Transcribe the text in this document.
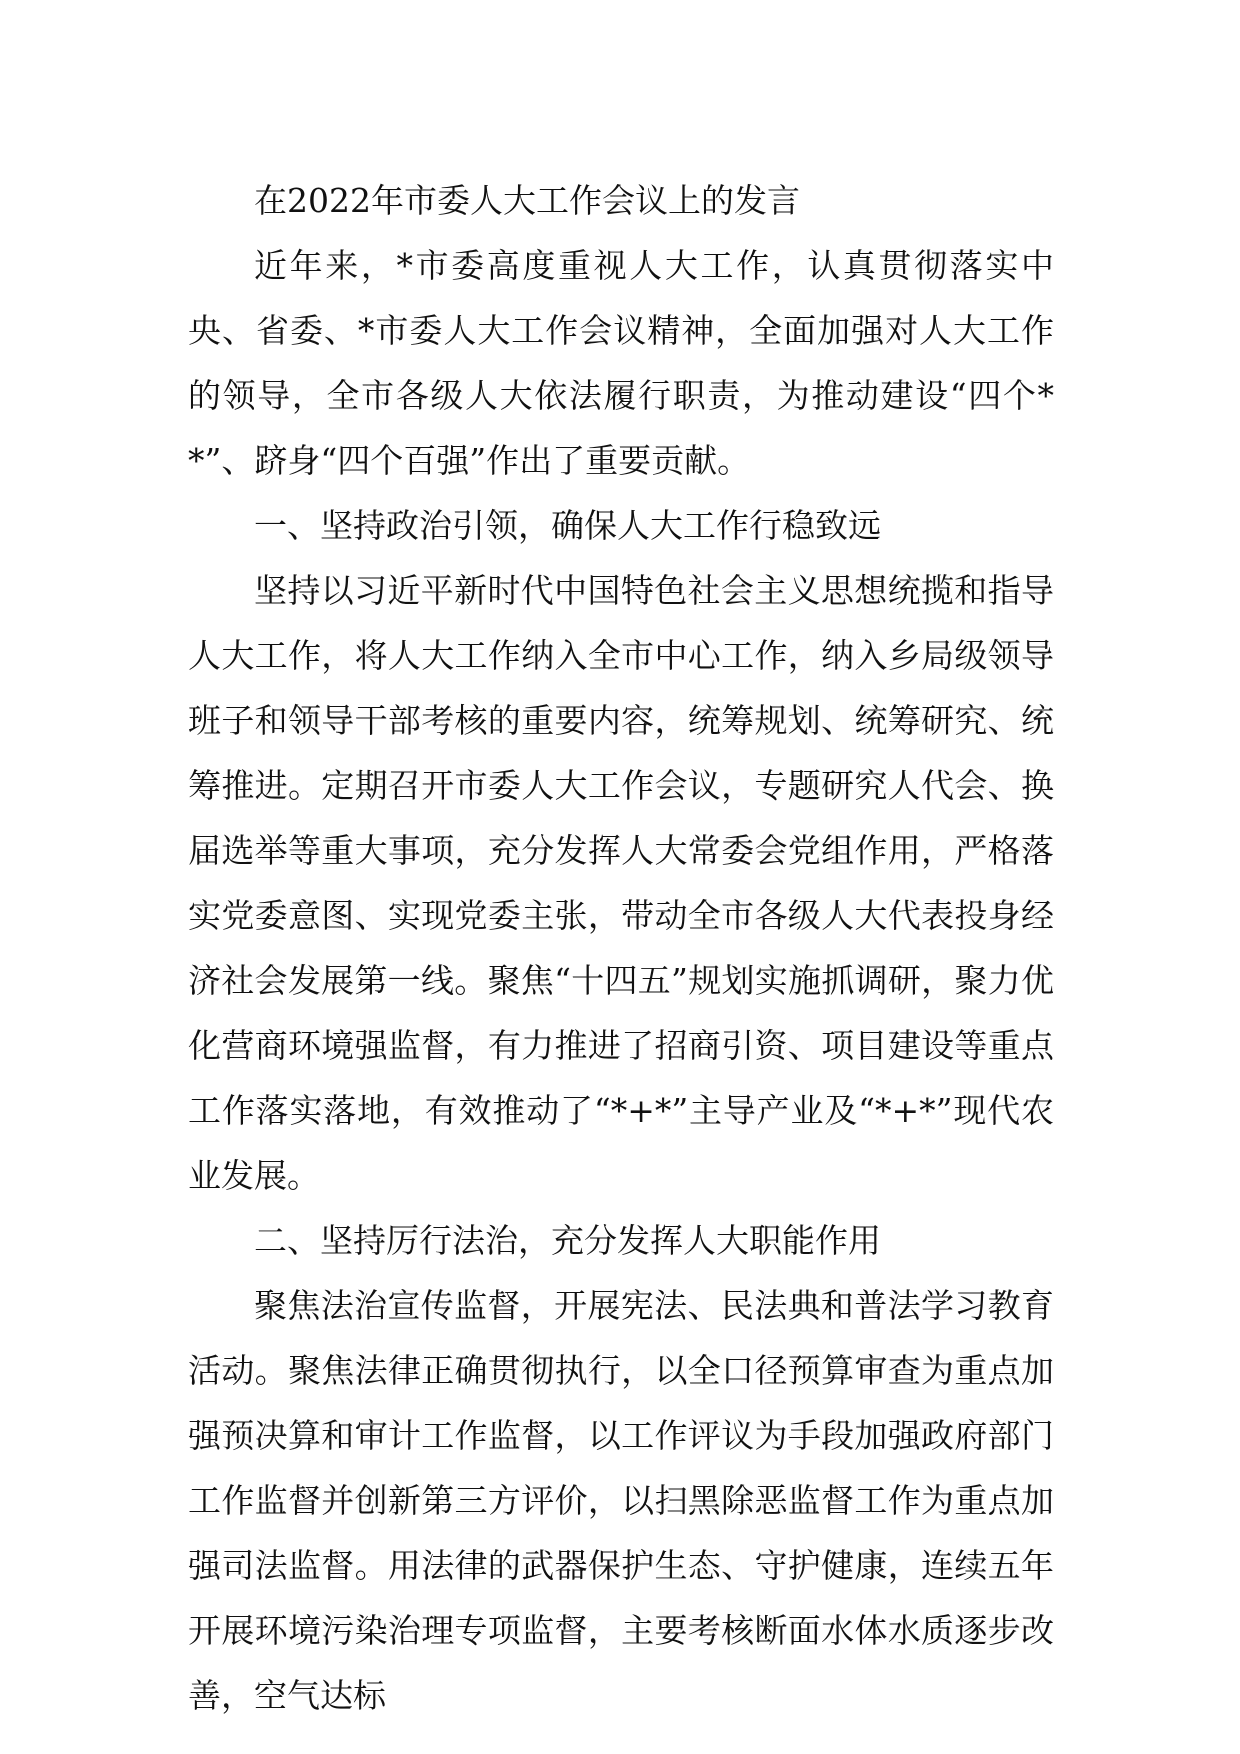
在2022年市委人大工作会议上的发言

近年来，*市委高度重视人大工作，认真贯彻落实中央、省委、*市委人大工作会议精神，全面加强对人大工作的领导，全市各级人大依法履行职责，为推动建设“四个**”、跻身“四个百强”作出了重要贡献。

一、坚持政治引领，确保人大工作行稳致远

坚持以习近平新时代中国特色社会主义思想统揽和指导人大工作，将人大工作纳入全市中心工作，纳入乡局级领导班子和领导干部考核的重要内容，统筹规划、统筹研究、统筹推进。定期召开市委人大工作会议，专题研究人代会、换届选举等重大事项，充分发挥人大常委会党组作用，严格落实党委意图、实现党委主张，带动全市各级人大代表投身经济社会发展第一线。聚焦“十四五”规划实施抓调研，聚力优化营商环境强监督，有力推进了招商引资、项目建设等重点工作落实落地，有效推动了“*+*”主导产业及“*+*”现代农业发展。

二、坚持厉行法治，充分发挥人大职能作用

聚焦法治宣传监督，开展宪法、民法典和普法学习教育活动。聚焦法律正确贯彻执行，以全口径预算审查为重点加强预决算和审计工作监督，以工作评议为手段加强政府部门工作监督并创新第三方评价，以扫黑除恶监督工作为重点加强司法监督。用法律的武器保护生态、守护健康，连续五年开展环境污染治理专项监督，主要考核断面水体水质逐步改善，空气达标
